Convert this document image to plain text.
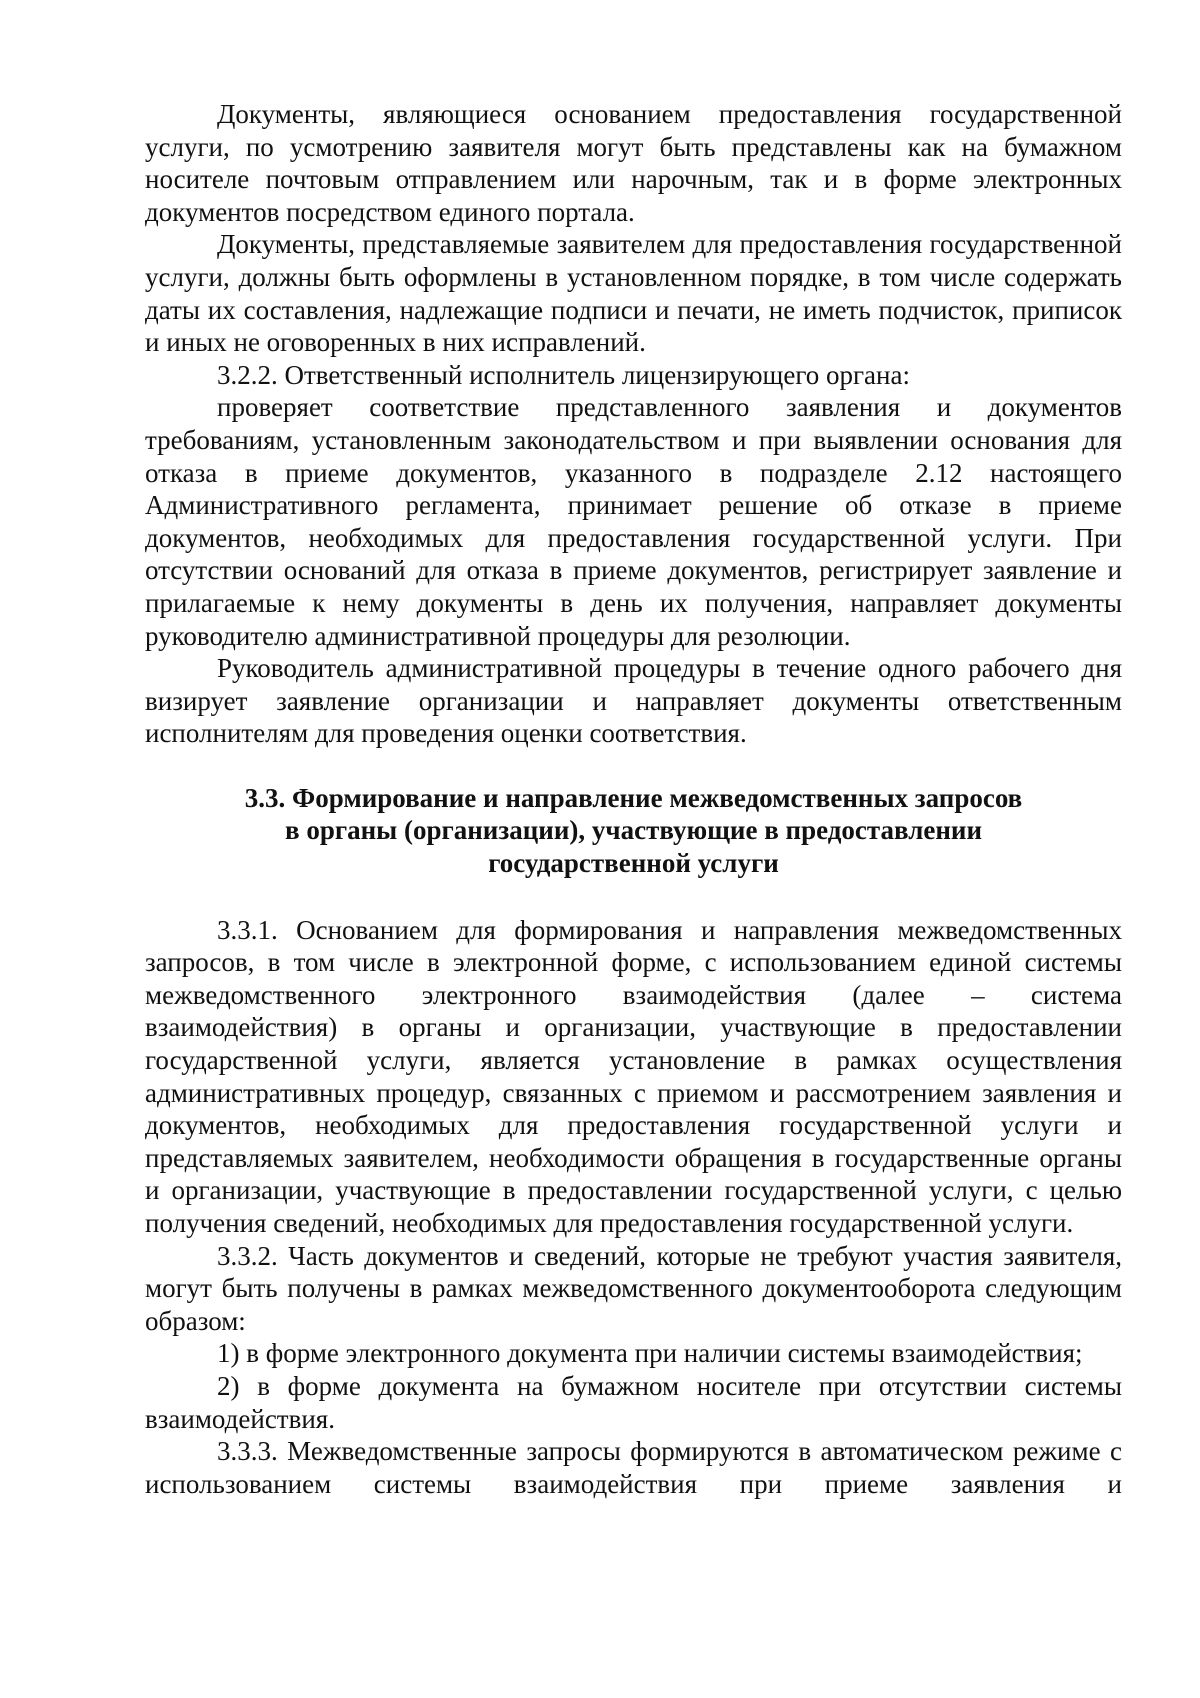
Документы, являющиеся основанием предоставления государственной услуги, по усмотрению заявителя могут быть представлены как на бумажном носителе почтовым отправлением или нарочным, так и в форме электронных документов посредством единого портала.

Документы, представляемые заявителем для предоставления государственной услуги, должны быть оформлены в установленном порядке, в том числе содержать даты их составления, надлежащие подписи и печати, не иметь подчисток, приписок и иных не оговоренных в них исправлений.

3.2.2. Ответственный исполнитель лицензирующего органа:

проверяет соответствие представленного заявления и документов требованиям, установленным законодательством и при выявлении основания для отказа в приеме документов, указанного в подразделе 2.12 настоящего Административного регламента, принимает решение об отказе в приеме документов, необходимых для предоставления государственной услуги. При отсутствии оснований для отказа в приеме документов, регистрирует заявление и прилагаемые к нему документы в день их получения, направляет документы руководителю административной процедуры для резолюции.

Руководитель административной процедуры в течение одного рабочего дня визирует заявление организации и направляет документы ответственным исполнителям для проведения оценки соответствия.

3.3. Формирование и направление межведомственных запросов
в органы (организации), участвующие в предоставлении
государственной услуги

3.3.1. Основанием для формирования и направления межведомственных запросов, в том числе в электронной форме, с использованием единой системы межведомственного электронного взаимодействия (далее – система взаимодействия) в органы и организации, участвующие в предоставлении государственной услуги, является установление в рамках осуществления административных процедур, связанных с приемом и рассмотрением заявления и документов, необходимых для предоставления государственной услуги и представляемых заявителем, необходимости обращения в государственные органы и организации, участвующие в предоставлении государственной услуги, с целью получения сведений, необходимых для предоставления государственной услуги.

3.3.2. Часть документов и сведений, которые не требуют участия заявителя, могут быть получены в рамках межведомственного документооборота следующим образом:

1) в форме электронного документа при наличии системы взаимодействия;

2) в форме документа на бумажном носителе при отсутствии системы взаимодействия.

3.3.3. Межведомственные запросы формируются в автоматическом режиме с использованием системы взаимодействия при приеме заявления и
